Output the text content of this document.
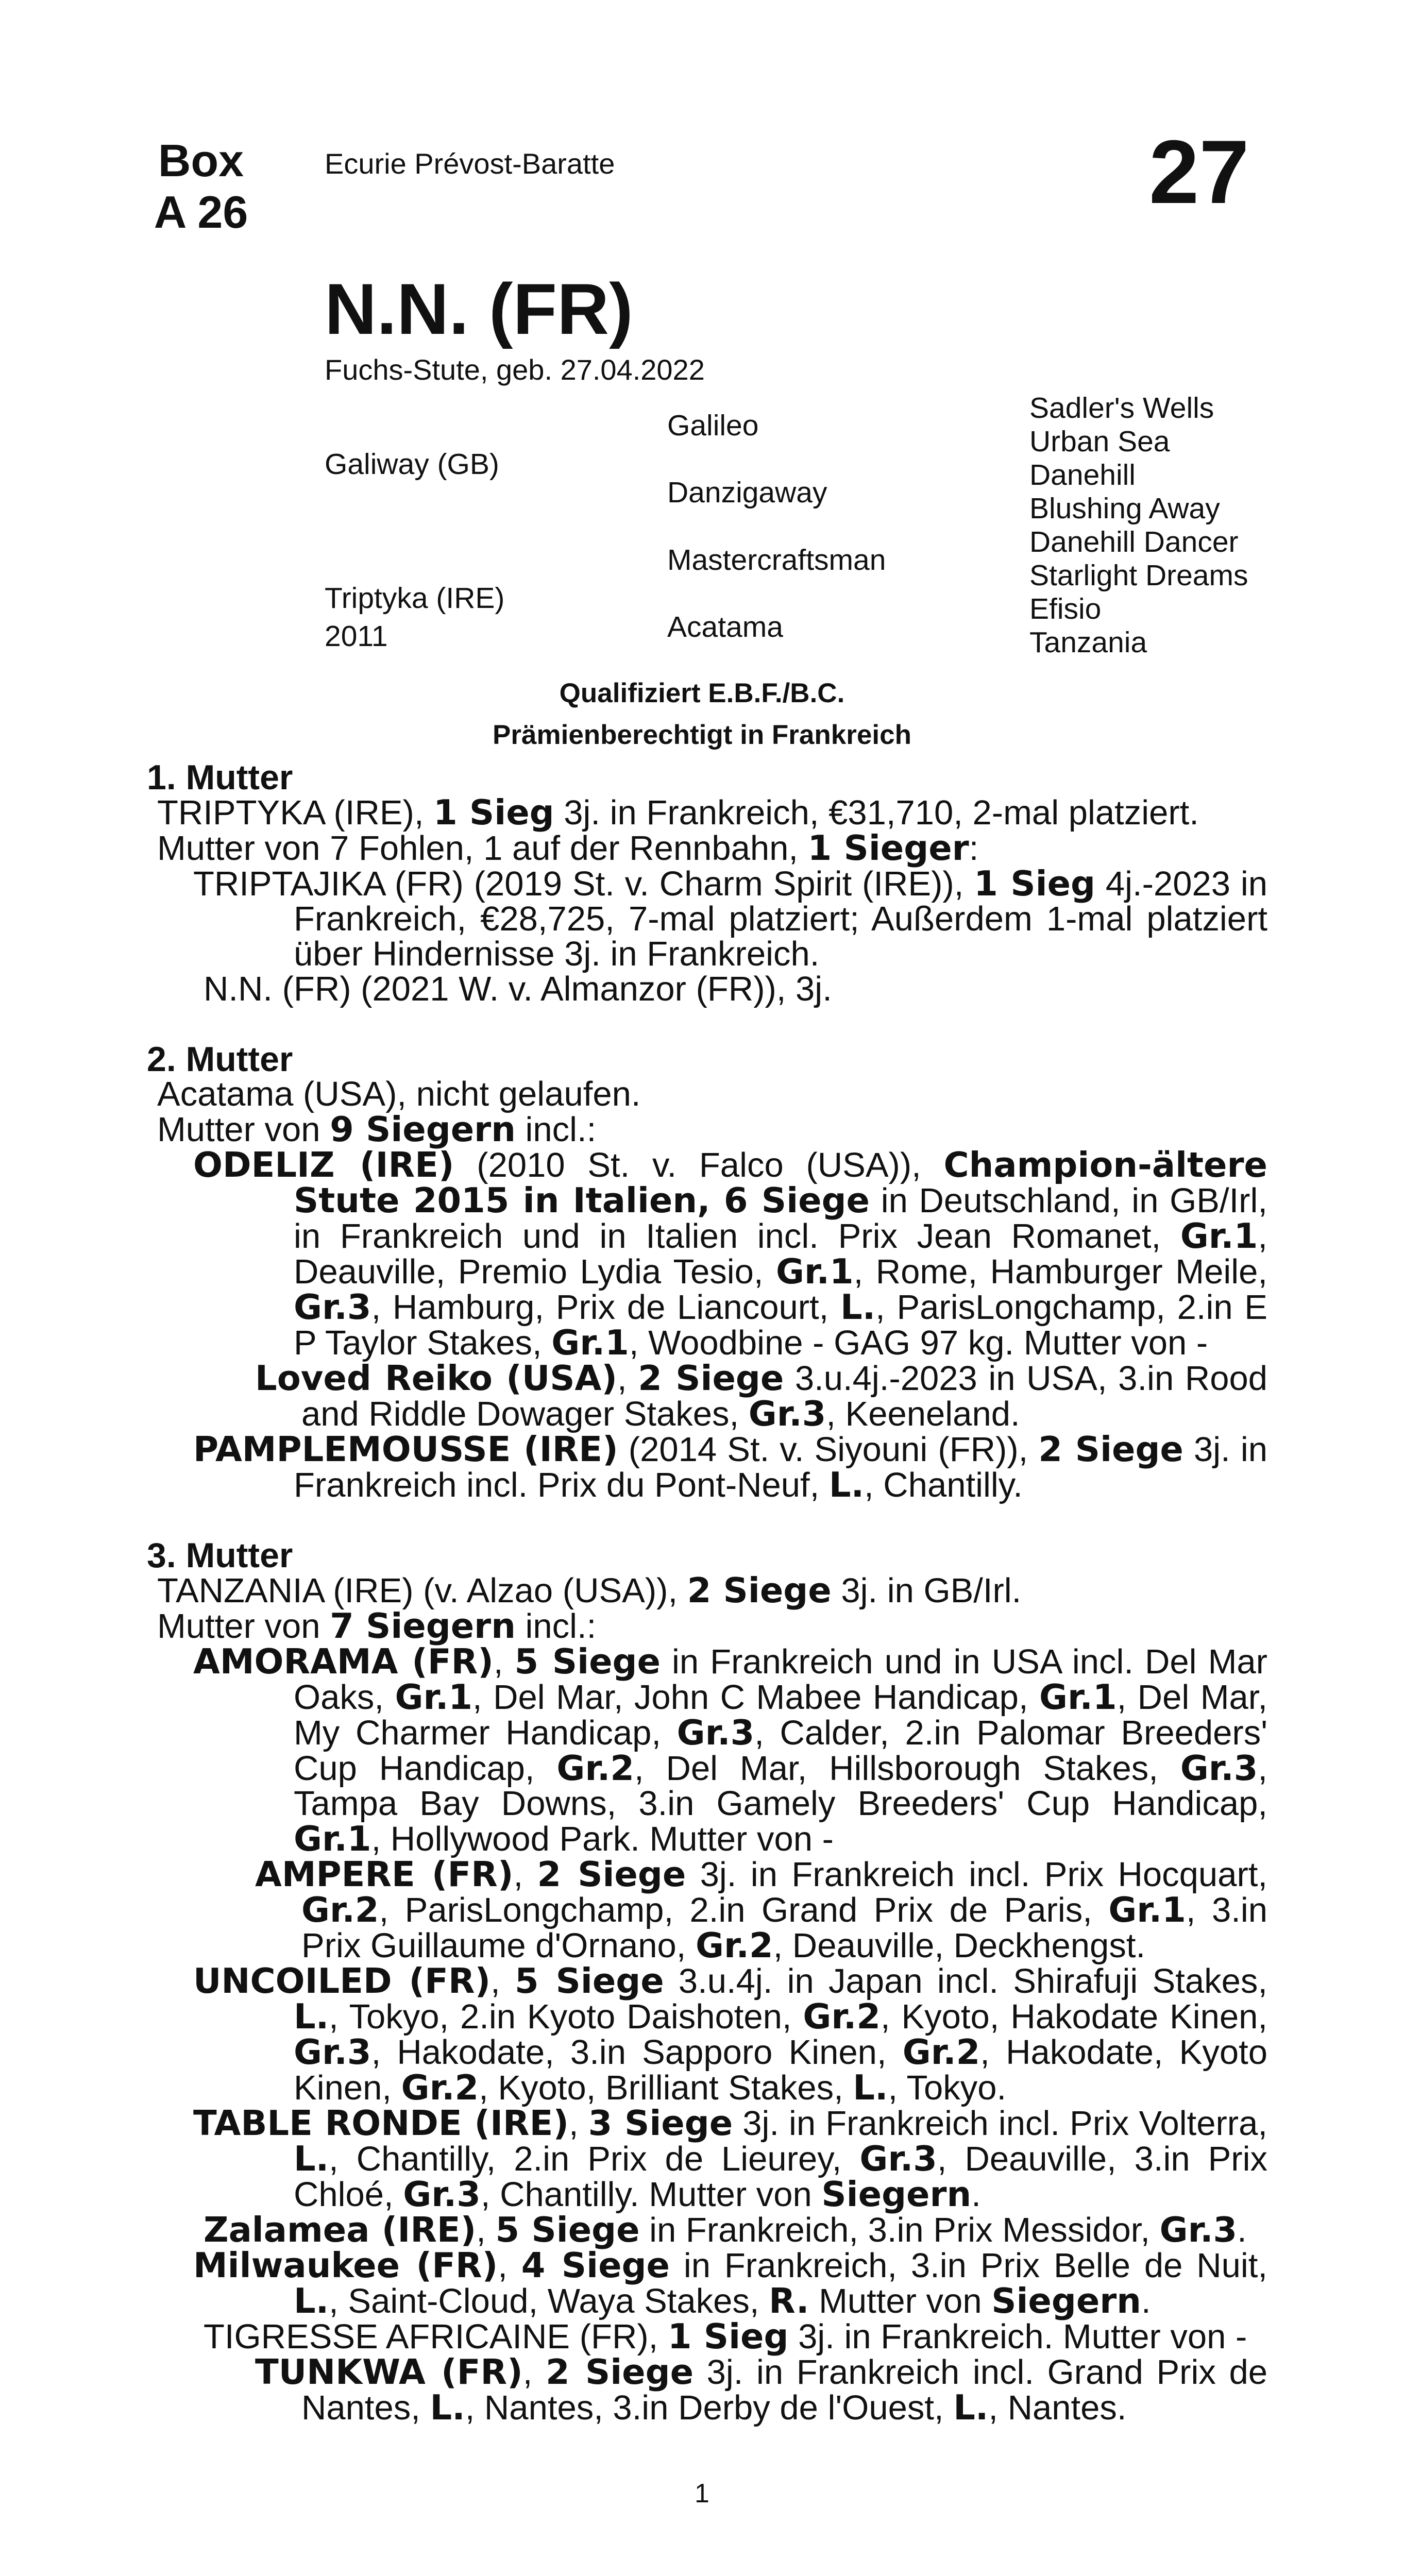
Box
A 26
Ecurie Prévost-Baratte	27
N.N. (FR)
Fuchs-Stute, geb. 27.04.2022
Galiway (GB)
Triptyka (IRE)
2011
Galileo
Danzigaway
Mastercraftsman
Acatama
Sadler's Wells
Urban Sea
Danehill
Blushing Away
Danehill Dancer
Starlight Dreams
Efisio
Tanzania
Qualifiziert E.B.F./B.C.
Prämienberechtigt in Frankreich
1. Mutter
TRIPTYKA (IRE), 1 Sieg 3j. in Frankreich, €31,710, 2-mal platziert.
Mutter von 7 Fohlen, 1 auf der Rennbahn, 1 Sieger:
TRIPTAJIKA (FR) (2019 St. v. Charm Spirit (IRE)), 1 Sieg 4j.-2023 in Frankreich, €28,725, 7-mal platziert; Außerdem 1-mal platziert über Hindernisse 3j. in Frankreich.
N.N. (FR) (2021 W. v. Almanzor (FR)), 3j.
2. Mutter
Acatama (USA), nicht gelaufen.
Mutter von 9 Siegern incl.:
ODELIZ (IRE) (2010 St. v. Falco (USA)), Champion-ältere Stute 2015 in Italien, 6 Siege in Deutschland, in GB/Irl, in Frankreich und in Italien incl. Prix Jean Romanet, Gr.1, Deauville, Premio Lydia Tesio, Gr.1, Rome, Hamburger Meile, Gr.3, Hamburg, Prix de Liancourt, L., ParisLongchamp, 2.in E P Taylor Stakes, Gr.1, Woodbine - GAG 97 kg. Mutter von -
Loved Reiko (USA), 2 Siege 3.u.4j.-2023 in USA, 3.in Rood and Riddle Dowager Stakes, Gr.3, Keeneland.
PAMPLEMOUSSE (IRE) (2014 St. v. Siyouni (FR)), 2 Siege 3j. in Frankreich incl. Prix du Pont-Neuf, L., Chantilly.
3. Mutter
TANZANIA (IRE) (v. Alzao (USA)), 2 Siege 3j. in GB/Irl.
Mutter von 7 Siegern incl.:
AMORAMA (FR), 5 Siege in Frankreich und in USA incl. Del Mar Oaks, Gr.1, Del Mar, John C Mabee Handicap, Gr.1, Del Mar, My Charmer Handicap, Gr.3, Calder, 2.in Palomar Breeders' Cup Handicap, Gr.2, Del Mar, Hillsborough Stakes, Gr.3, Tampa Bay Downs, 3.in Gamely Breeders' Cup Handicap, Gr.1, Hollywood Park. Mutter von -
AMPERE (FR), 2 Siege 3j. in Frankreich incl. Prix Hocquart, Gr.2, ParisLongchamp, 2.in Grand Prix de Paris, Gr.1, 3.in Prix Guillaume d'Ornano, Gr.2, Deauville, Deckhengst.
UNCOILED (FR), 5 Siege 3.u.4j. in Japan incl. Shirafuji Stakes, L., Tokyo, 2.in Kyoto Daishoten, Gr.2, Kyoto, Hakodate Kinen, Gr.3, Hakodate, 3.in Sapporo Kinen, Gr.2, Hakodate, Kyoto Kinen, Gr.2, Kyoto, Brilliant Stakes, L., Tokyo.
TABLE RONDE (IRE), 3 Siege 3j. in Frankreich incl. Prix Volterra, L., Chantilly, 2.in Prix de Lieurey, Gr.3, Deauville, 3.in Prix Chloé, Gr.3, Chantilly. Mutter von Siegern.
Zalamea (IRE), 5 Siege in Frankreich, 3.in Prix Messidor, Gr.3.
Milwaukee (FR), 4 Siege in Frankreich, 3.in Prix Belle de Nuit, L., Saint-Cloud, Waya Stakes, R. Mutter von Siegern.
TIGRESSE AFRICAINE (FR), 1 Sieg 3j. in Frankreich. Mutter von -
TUNKWA (FR), 2 Siege 3j. in Frankreich incl. Grand Prix de Nantes, L., Nantes, 3.in Derby de l'Ouest, L., Nantes.
1
